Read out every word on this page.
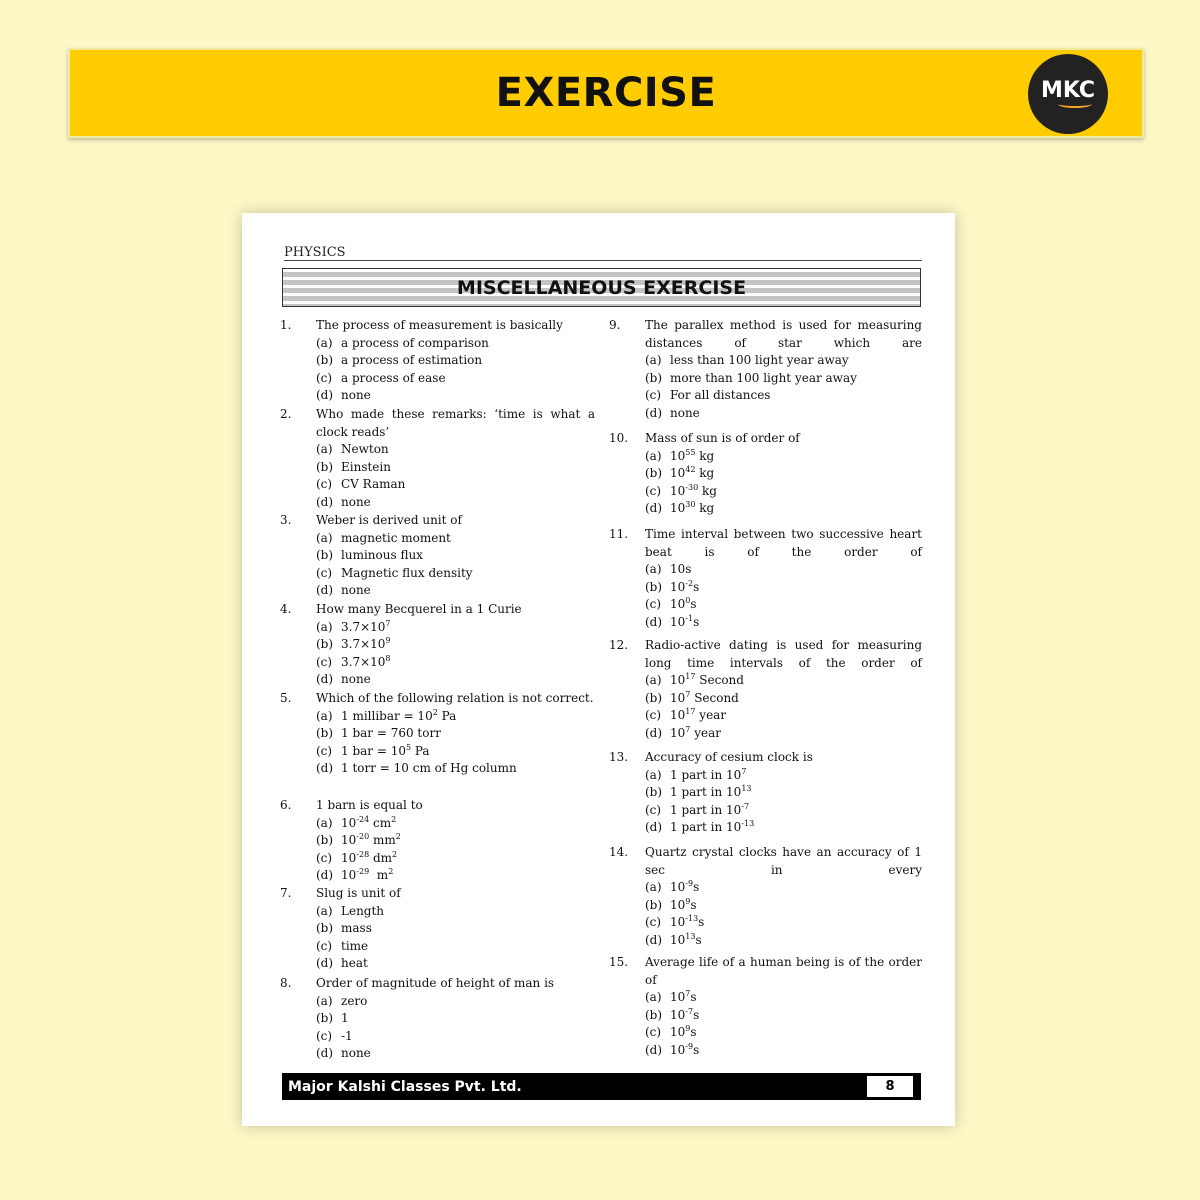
EXERCISE	MKC
PHYSICS
MISCELLANEOUS EXERCISE
1.	The process of measurement is basically
(a) a process of comparison
(b) a process of estimation
(c) a process of ease
(d) none
2.	Who made these remarks: ‘time is what a clock reads’
(a) Newton
(b) Einstein
(c) CV Raman
(d) none
3.	Weber is derived unit of
(a) magnetic moment
(b) luminous flux
(c) Magnetic flux density
(d) none
4.	How many Becquerel in a 1 Curie
(a) $3.7\times 10^7$
(b) $3.7\times 10^9$
(c) $3.7\times 10^8$
(d) none
5.	Which of the following relation is not correct.
(a) 1 millibar = $10^2$ Pa
(b) 1 bar = 760 torr
(c) 1 bar = $10^5$ Pa
(d) 1 torr = 10 cm of Hg column
6.	1 barn is equal to
(a) $10^{-24}$ $cm^2$
(b) $10^{-20}$ $mm^2$
(c) $10^{-28}$ $dm^2$
(d) $10^{-29}$  $m^2$
7.	Slug is unit of
(a) Length
(b) mass
(c) time
(d) heat
8.	Order of magnitude of height of man is
(a) zero
(b) 1
(c) -1
(d) none
9.	The parallex method is used for measuring distances of star which are
(a) less than 100 light year away
(b) more than 100 light year away
(c) For all distances
(d) none
10.	Mass of sun is of order of
(a) $10^{55}$ kg
(b) $10^{42}$ kg
(c) $10^{-30}$ kg
(d) $10^{30}$ kg
11.	Time interval between two successive heart beat is of the order of
(a) 10s
(b) $10^{-2}s$
(c) $10^0s$
(d) $10^{-1}s$
12.	Radio-active dating is used for measuring long time intervals of the order of
(a) $10^{17}$ Second
(b) $10^7$ Second
(c) $10^{17}$ year
(d) $10^7$ year
13.	Accuracy of cesium clock is
(a) 1 part in $10^7$
(b) 1 part in $10^{13}$
(c) 1 part in $10^{-7}$
(d) 1 part in $10^{-13}$
14.	Quartz crystal clocks have an accuracy of 1 sec in every
(a) $10^{-9}s$
(b) $10^9s$
(c) $10^{-13}s$
(d) $10^{13}s$
15.	Average life of a human being is of the order of
(a) $10^7s$
(b) $10^{-7}s$
(c) $10^9s$
(d) $10^{-9}s$
Major Kalshi Classes Pvt. Ltd.	8
